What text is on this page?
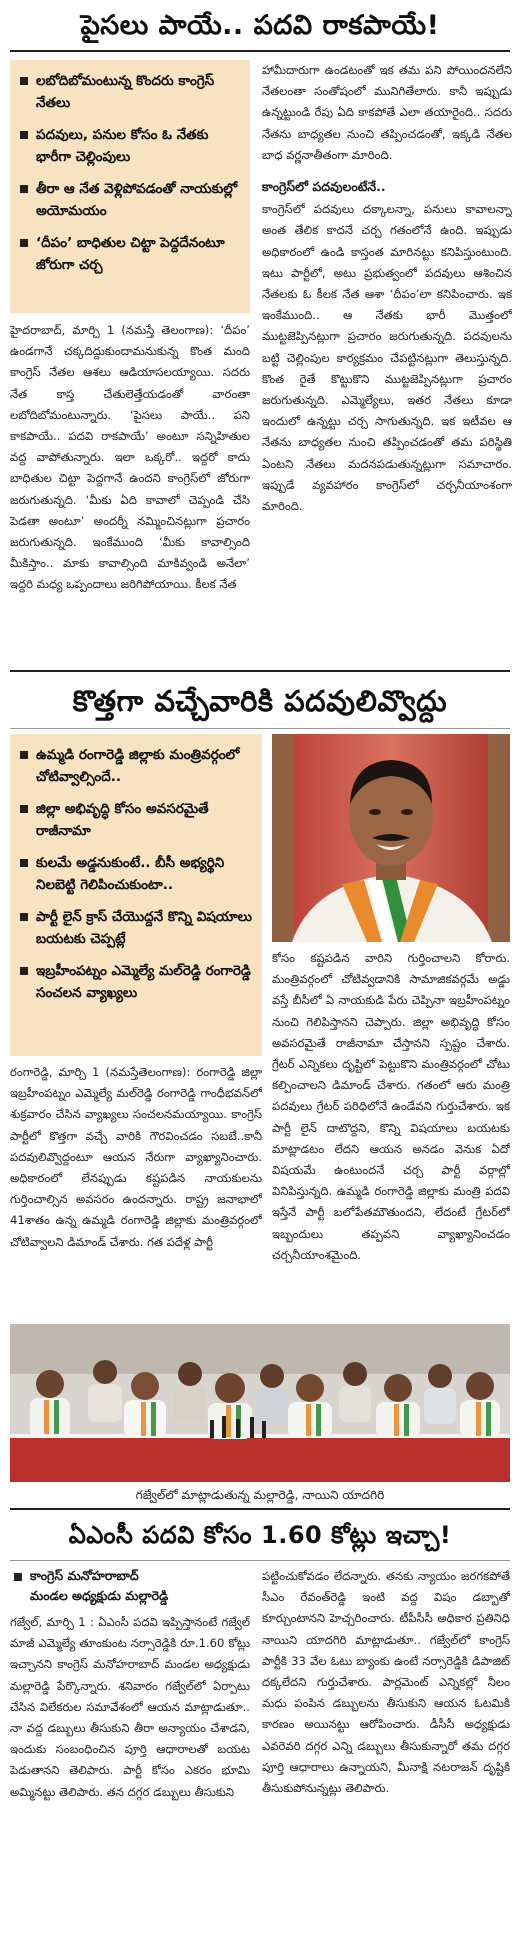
పైసలు పాయే.. పదవి రాకపాయే!
లబోదిబోమంటున్న కొందరు కాంగ్రెస్‌ నేతలు
పదవులు, పనుల కోసం ఓ నేతకు భారీగా చెల్లింపులు
తీరా ఆ నేత వెళ్లిపోవడంతో నాయకుల్లో అయోమయం
‘దీపం’ బాధితుల చిట్టా పెద్దదేనంటూ జోరుగా చర్చ

హైదరాబాద్‌, మార్చి 1 (నమస్తే తెలంగాణ): ‘దీపం’ ఉండగానే చక్కదిద్దుకుందామనుకున్న కొంత మంది కాంగ్రెస్‌ నేతల ఆశలు ఆడియాసలయ్యాయి. సదరు నేత కాస్త చేతులెత్తేయడంతో వారంతా లబోదిబోమంటున్నారు. ‘పైసలు పాయే.. పని కాకపాయే.. పదవి రాకపాయే’ అంటూ సన్నిహితుల వద్ద వాపోతున్నారు. ఇలా ఒక్కరో.. ఇద్దరో కాదు బాధితుల చిట్టా పెద్దగానే ఉందని కాంగ్రెస్‌లో జోరుగా జరుగుతున్నది. ‘మీకు ఏది కావాలో చెప్పండి చేసి పెడతా అంటూ’ అందర్నీ నమ్మించినట్లుగా ప్రచారం జరుగుతున్నది. ఇంకేముంది ‘మీకు కావాల్సింది మీకిస్తాం.. మాకు కావాల్సింది మాకివ్వండి అనేలా’ ఇద్దరి మధ్య ఒప్పందాలు జరిగిపోయాయి. కీలక నేత

హామీదారుగా ఉండటంతో ఇక తమ పని పోయిందనలేని నేతలంతా సంతోషంలో మునిగితేలారు. కానీ ఇప్పుడు ఉన్నట్టుండి రేపు ఏది కాకపోతే ఎలా తయారైంది.. సదరు నేతను బాధ్యతల నుంచి తప్పించడంతో, ఇక్కడి నేతల బాధ వర్ణనాతీతంగా మారింది.

కాంగ్రెస్‌లో పదవులంటేనే..

కాంగ్రెస్‌లో పదవులు దక్కాలన్నా, పనులు కావాలన్నా అంత తేలిక కాదనే చర్చ గతంలోనే ఉంది. ఇప్పుడు అధికారంలో ఉండి కాస్తంత మారినట్టు కనిపిస్తుంటుంది. ఇటు పార్టీలో, అటు ప్రభుత్వంలో పదవులు ఆశించిన నేతలకు ఓ కీలక నేత ఆశా ‘దీపం’లా కనిపించారు. ఇక ఇంకేముంది.. ఆ నేతకు భారీ మొత్తంలో ముట్టజెప్పినట్లుగా ప్రచారం జరుగుతున్నది. పదవులను బట్టి చెల్లింపుల కార్యక్రమం చేపట్టినట్లుగా తెలుస్తున్నది. కొంత రైతే కొట్టుకొని ముట్టజెప్పినట్లుగా ప్రచారం జరుగుతున్నది. ఎమ్మెల్యేలు, ఇతర నేతలు కూడా ఇందులో ఉన్నట్టు చర్చ సాగుతున్నది. ఇక ఇటీవల ఆ నేతను బాధ్యతల నుంచి తప్పించడంతో తమ పరిస్థితి ఏంటని నేతలు మదనపడుతున్నట్లుగా సమాచారం. ఇప్పుడే వ్యవహారం కాంగ్రెస్‌లో చర్చనీయాంశంగా మారింది.

కొత్తగా వచ్చేవారికి పదవులివ్వొద్దు
ఉమ్మడి రంగారెడ్డి జిల్లాకు మంత్రివర్గంలో చోటివ్వాల్సిందే..
జిల్లా అభివృద్ధి కోసం అవసరమైతే రాజీనామా
కులమే అడ్డనుకుంటే.. బీసీ అభ్యర్థిని నిలబెట్టి గెలిపించుకుంటా..
పార్టీ లైన్‌ క్రాస్‌ చేయొద్దనే కొన్ని విషయాలు బయటకు చెప్పట్లే
ఇబ్రహీంపట్నం ఎమ్మెల్యే మల్‌రెడ్డి రంగారెడ్డి సంచలన వ్యాఖ్యలు

కోసం కష్టపడిన వారిని గుర్తించాలని కోరారు. మంత్రివర్గంలో చోటివ్వడానికి సామాజికవర్గమే అడ్డు వస్తే బీసీలో ఏ నాయకుడి పేరు చెప్పినా ఇబ్రహీంపట్నం నుంచి గెలిపిస్తానని చెప్పారు. జిల్లా అభివృద్ధి కోసం అవసరమైతే రాజీనామా చేస్తానని స్పష్టం చేశారు. గ్రేటర్‌ ఎన్నికలు దృష్టిలో పెట్టుకొని మంత్రివర్గంలో చోటు కల్పించాలని డిమాండ్‌ చేశారు. గతంలో ఆరు మంత్రి పదవులు గ్రేటర్‌ పరిధిలోనే ఉండేవని గుర్తుచేశారు. ఇక పార్టీ లైన్‌ దాటొద్దని, కొన్ని విషయాలు బయటకు మాట్లాడటం లేదని ఆయన అనడం వెనుక ఏదో విషయమే ఉంటుందనే చర్చ పార్టీ వర్గాల్లో వినిపిస్తున్నది. ఉమ్మడి రంగారెడ్డి జిల్లాకు మంత్రి పదవి ఇస్తేనే పార్టీ బలోపేతమౌతుందని, లేదంటే గ్రేటర్‌లో ఇబ్బందులు తప్పవని వ్యాఖ్యానించడం చర్చనీయాంశమైంది.

రంగారెడ్డి, మార్చి 1 (నమస్తేతెలంగాణ): రంగారెడ్డి జిల్లా ఇబ్రహీంపట్నం ఎమ్మెల్యే మల్‌రెడ్డి రంగారెడ్డి గాంధీభవన్‌లో శుక్రవారం చేసిన వ్యాఖ్యలు సంచలనమయ్యాయి. కాంగ్రెస్‌ పార్టీలో కొత్తగా వచ్చే వారికి గౌరవించడం సబబే..కానీ పదవులివ్వొద్దంటూ ఆయన నేరుగా వ్యాఖ్యానించారు. అధికారంలో లేనప్పుడు కష్టపడిన నాయకులను గుర్తించాల్సిన అవసరం ఉందన్నారు. రాష్ట్ర జనాభాలో 41శాతం ఉన్న ఉమ్మడి రంగారెడ్డి జిల్లాకు మంత్రివర్గంలో చోటివ్వాలని డిమాండ్‌ చేశారు. గత పదేళ్ల పార్టీ

గజ్వేల్‌లో మాట్లాడుతున్న మల్లారెడ్డి, నాయిని యాదగిరి
ఏఎంసీ పదవి కోసం 1.60 కోట్లు ఇచ్చా!
కాంగ్రెస్‌ మనోహరాబాద్‌
మండల అధ్యక్షుడు మల్లారెడ్డి

గజ్వేల్‌, మార్చి 1 : ఏఎంసీ పదవి ఇప్పిస్తానంటే గజ్వేల్‌ మాజీ ఎమ్మెల్యే తూంకుంట నర్సారెడ్డికి రూ.1.60 కోట్లు ఇచ్చానని కాంగ్రెస్‌ మనోహరాబాద్‌ మండల అధ్యక్షుడు మల్లారెడ్డి పేర్కొన్నారు. శనివారం గజ్వేల్‌లో ఏర్పాటు చేసిన విలేకరుల సమావేశంలో ఆయన మాట్లాడుతూ.. నా వద్ద డబ్బులు తీసుకుని తీరా అన్యాయం చేశాడని, ఇందుకు సంబంధించిన పూర్తి ఆధారాలతో బయట పెడుతానని తెలిపారు. పార్టీ కోసం ఎకరం భూమి అమ్మినట్టు తెలిపారు. తన దగ్గర డబ్బులు తీసుకుని

పట్టించుకోవడం లేదన్నారు. తనకు న్యాయం జరగకపోతే సీఎం రేవంత్‌రెడ్డి ఇంటి వద్ద విషం డబ్బాతో కూర్చుంటానని హెచ్చరించారు. టీపీసీసీ అధికార ప్రతినిధి నాయిని యాదగిరి మాట్లాడుతూ.. గజ్వేల్‌లో కాంగ్రెస్‌ పార్టీకి 33 వేల ఓటు బ్యాంకు ఉంటే నర్సారెడ్డికి డిపాజిట్‌ దక్కలేదని గుర్తుచేశారు. పార్లమెంట్‌ ఎన్నికల్లో నీలం మధు పంపిన డబ్బులను తీసుకుని ఆయన ఓటమికి కారణం అయినట్టు ఆరోపించారు. డీసీసీ అధ్యక్షుడు ఎవరెవరి దగ్గర ఎన్ని డబ్బులు తీసుకున్నారో తమ దగ్గర పూర్తి ఆధారాలు ఉన్నాయని, మీనాక్షి నటరాజన్‌ దృష్టికి తీసుకుపోనున్నట్లు తెలిపారు.
